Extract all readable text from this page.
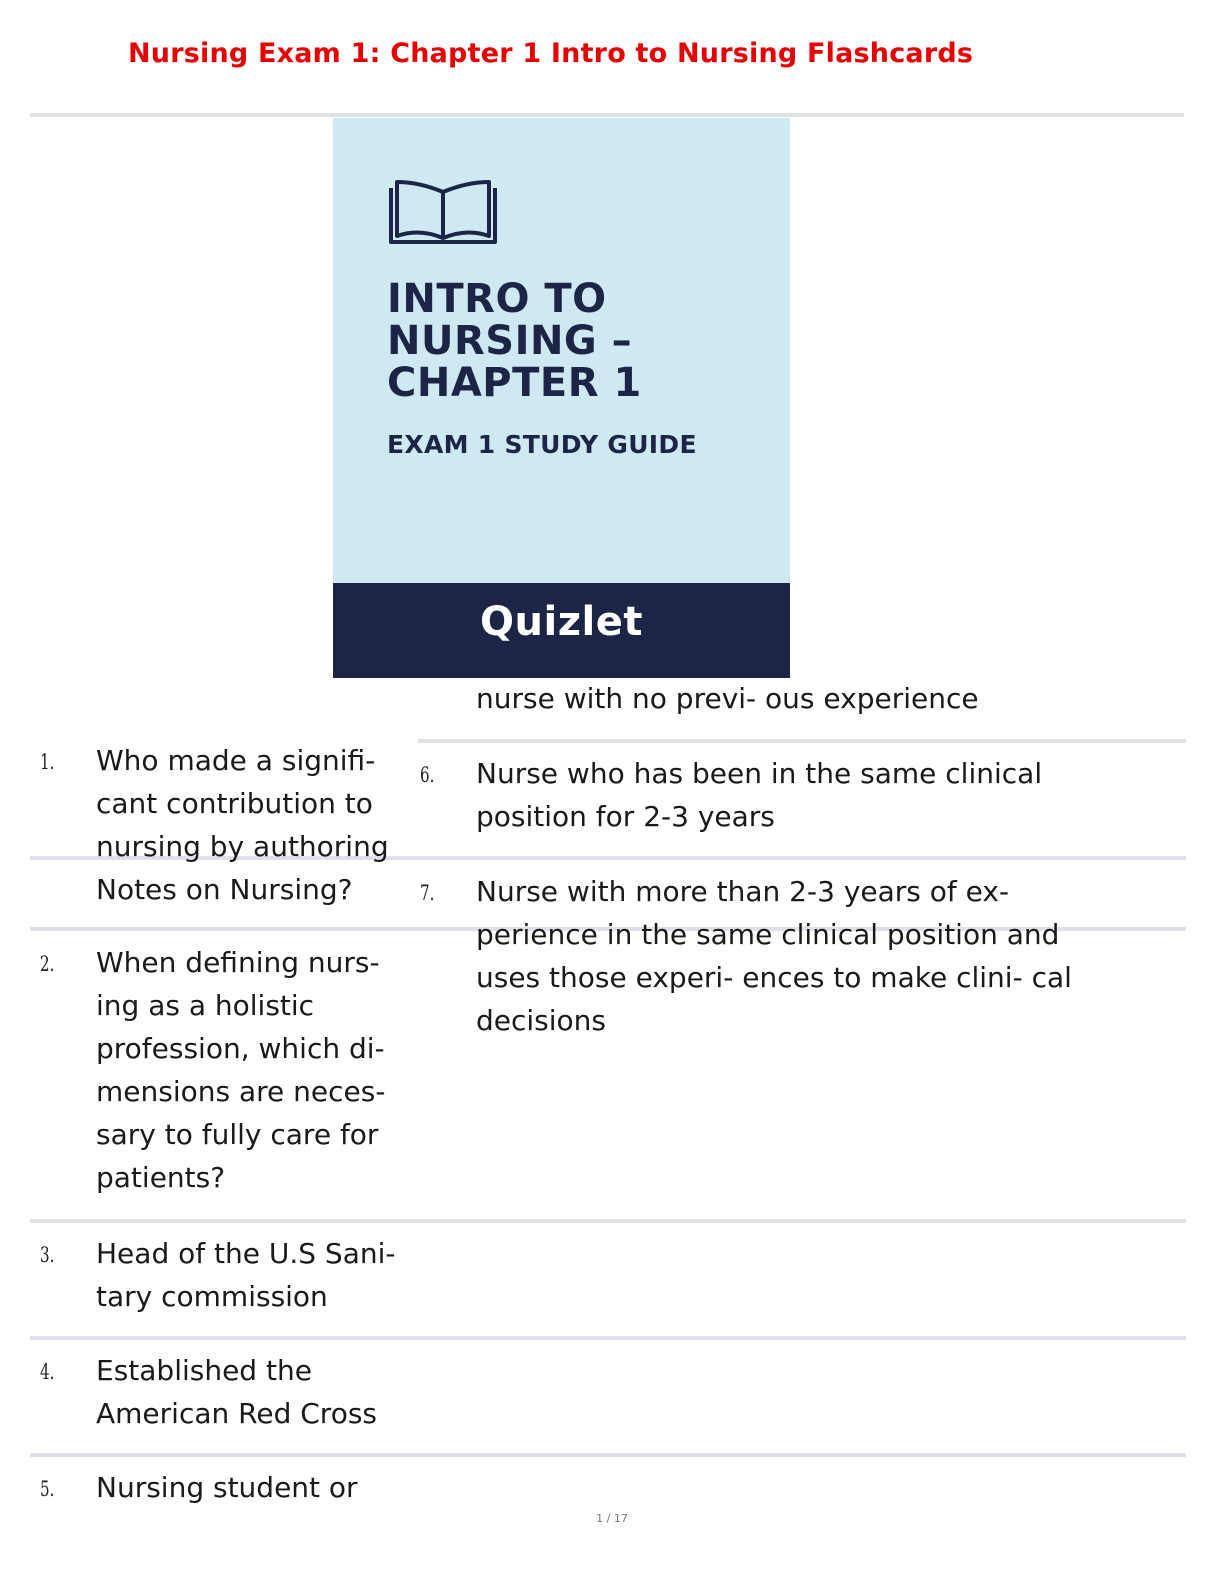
Nursing Exam 1: Chapter 1 Intro to Nursing Flashcards
INTRO TO
NURSING –
CHAPTER 1
EXAM 1 STUDY GUIDE
Quizlet
1. Who made a signifi-
cant contribution to
nursing by authoring
Notes on Nursing?
2. When defining nurs-
ing as a holistic
profession, which di-
mensions are neces-
sary to fully care for
patients?
3. Head of the U.S Sani-
tary commission
4. Established the
American Red Cross
5. Nursing student or
nurse with no previ- ous experience
6. Nurse who has been in the same clinical
position for 2-3 years
7. Nurse with more than 2-3 years of ex-
perience in the same clinical position and
uses those experi- ences to make clini- cal
decisions
1 / 17
